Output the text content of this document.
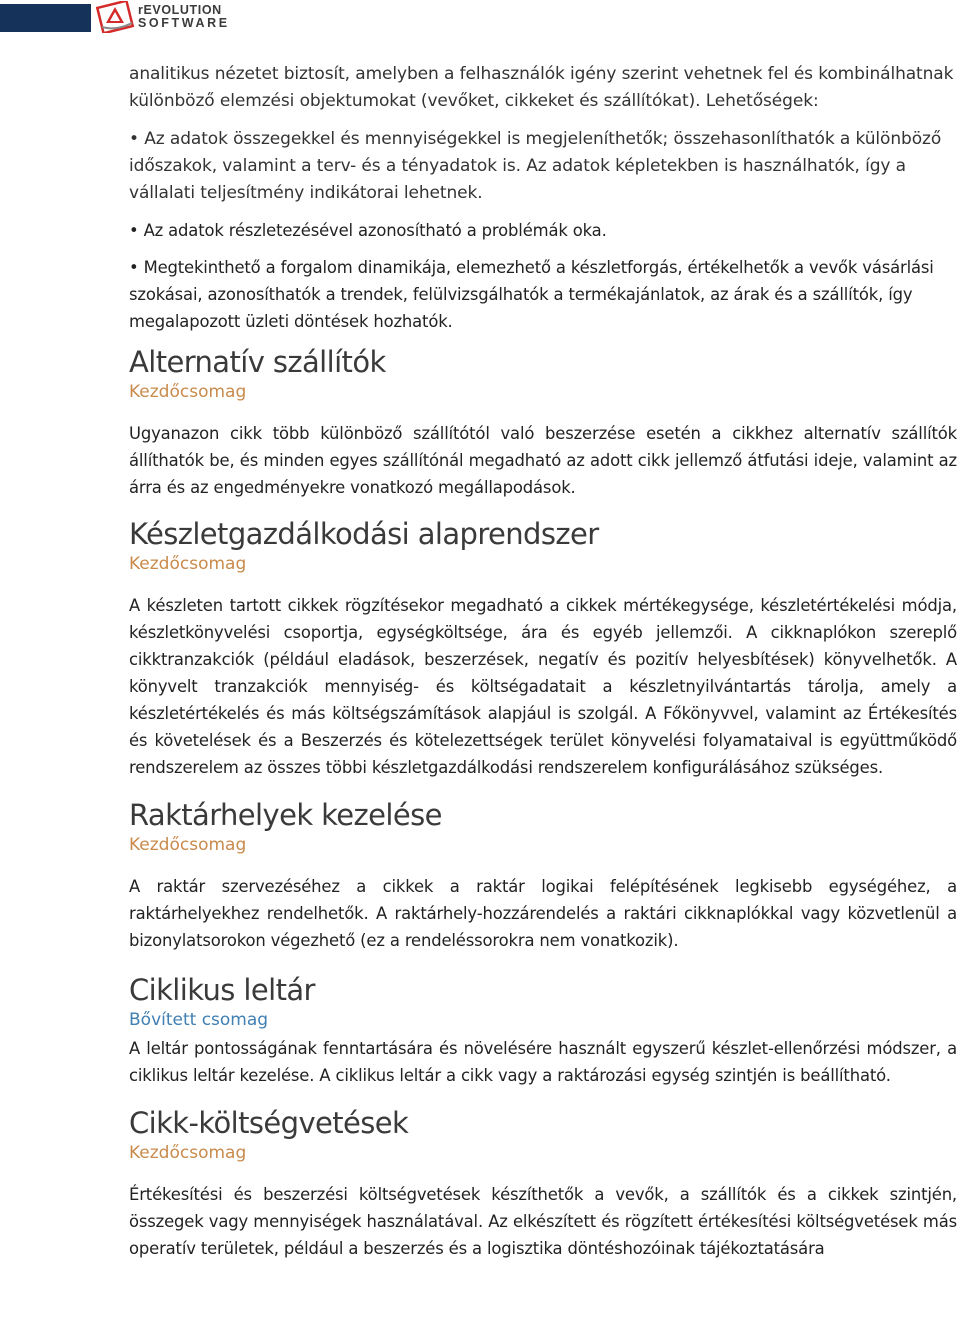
rEVOLUTION
SOFTWARE

analitikus nézetet biztosít, amelyben a felhasználók igény szerint vehetnek fel és kombinálhatnak különböző elemzési objektumokat (vevőket, cikkeket és szállítókat). Lehetőségek:

• Az adatok összegekkel és mennyiségekkel is megjeleníthetők; összehasonlíthatók a különböző időszakok, valamint a terv- és a tényadatok is. Az adatok képletekben is használhatók, így a vállalati teljesítmény indikátorai lehetnek.

• Az adatok részletezésével azonosítható a problémák oka.

• Megtekinthető a forgalom dinamikája, elemezhető a készletforgás, értékelhetők a vevők vásárlási szokásai, azonosíthatók a trendek, felülvizsgálhatók a termékajánlatok, az árak és a szállítók, így megalapozott üzleti döntések hozhatók.

Alternatív szállítók
Kezdőcsomag

Ugyanazon cikk több különböző szállítótól való beszerzése esetén a cikkhez alternatív szállítók állíthatók be, és minden egyes szállítónál megadható az adott cikk jellemző átfutási ideje, valamint az árra és az engedményekre vonatkozó megállapodások.

Készletgazdálkodási alaprendszer
Kezdőcsomag

A készleten tartott cikkek rögzítésekor megadható a cikkek mértékegysége, készletértékelési módja, készletkönyvelési csoportja, egységköltsége, ára és egyéb jellemzői. A cikknaplókon szereplő cikktranzakciók (például eladások, beszerzések, negatív és pozitív helyesbítések) könyvelhetők. A könyvelt tranzakciók mennyiség- és költségadatait a készletnyilvántartás tárolja, amely a készletértékelés és más költségszámítások alapjául is szolgál. A Főkönyvvel, valamint az Értékesítés és követelések és a Beszerzés és kötelezettségek terület könyvelési folyamataival is együttműködő rendszerelem az összes többi készletgazdálkodási rendszerelem konfigurálásához szükséges.

Raktárhelyek kezelése
Kezdőcsomag

A raktár szervezéséhez a cikkek a raktár logikai felépítésének legkisebb egységéhez, a raktárhelyekhez rendelhetők. A raktárhely-hozzárendelés a raktári cikknaplókkal vagy közvetlenül a bizonylatsorokon végezhető (ez a rendeléssorokra nem vonatkozik).

Ciklikus leltár
Bővített csomag

A leltár pontosságának fenntartására és növelésére használt egyszerű készlet-ellenőrzési módszer, a ciklikus leltár kezelése. A ciklikus leltár a cikk vagy a raktározási egység szintjén is beállítható.

Cikk-költségvetések
Kezdőcsomag

Értékesítési és beszerzési költségvetések készíthetők a vevők, a szállítók és a cikkek szintjén, összegek vagy mennyiségek használatával. Az elkészített és rögzített értékesítési költségvetések más operatív területek, például a beszerzés és a logisztika döntéshozóinak tájékoztatására
